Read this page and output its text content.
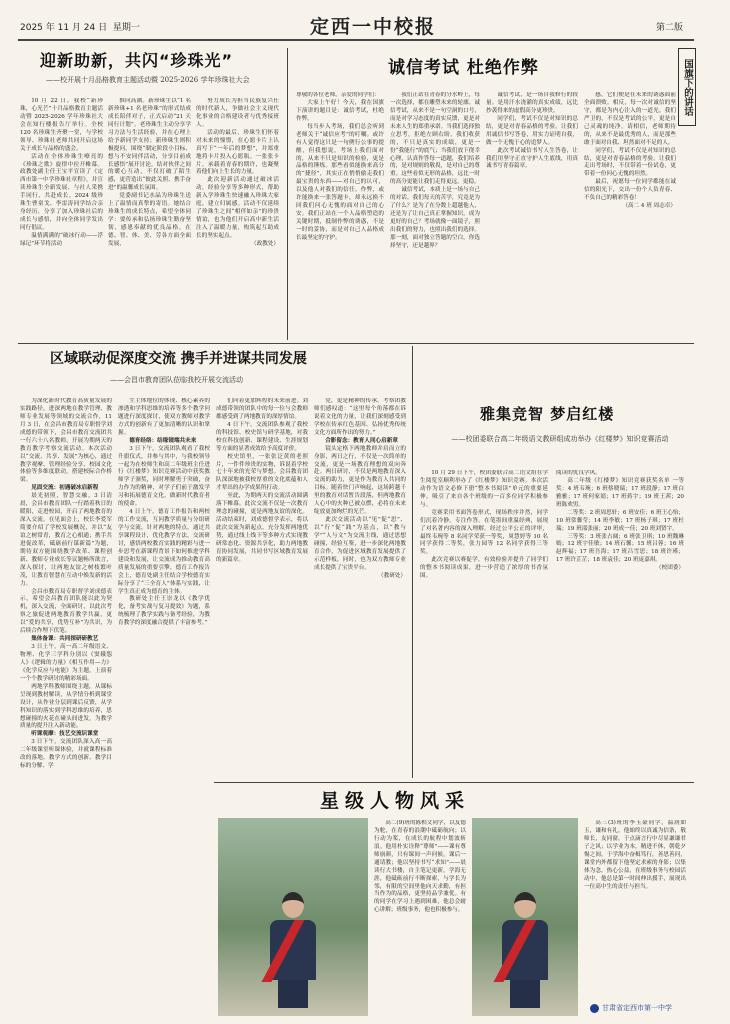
2025 年 11 月 24 日 星期一	定西一中校报	第二版
国旗下的讲话
迎新助新，共闪“珍珠光”
——校开展十月品格教育主题活动暨 2025-2026 学年珍珠社大会

10 月 22 日，我校“新珍珠，心光芒”十月品格教育主题活动暨 2025-2026 学年珍珠社大会在知行楼报告厅举行。全校 120 名珍珠生齐聚一堂，与学校领导、珍珠社老师共同开启这场关于成长与品格的盛会。

活动在全体珍珠生嘹亮的《珍珠之歌》旋律中拉开帷幕。政教处副主任王宝平宣读了《定西市第一中学珍珠社章程》，并宣读珍珠生全新发展、与社人采携手同行，共赴成长。2024 级珍珠生曹童戈、李雷涛同学结合亲身经历，分享了加入珍珠社后的成长与感悟，并向全体同学发出同行倡议。

温情满满的“破冰行动——浮绿记”环节将活动

推向高潮。新珍珠生以“1 名新珍珠+1 名老珍珠”的形式结成成长陪伴对子，正式启动“21 天同行计划”。老珍珠生主动分享学习方法与生活经验，并在心理上给予新同学支持；新珍珠生则积极提问，围绕“制定阶段小目标、想与不安同伴活动，分享目前成长感悟”展开讨论。结对伙伴之间的暖心互动，不仅打破了陌生感，更营造出“彼此关照、携手奋进”的温馨成长氛围。

党委副书记水晶为珍珠生送上了温情而真挚的寄语。她结合珍珠生的成长特点，希望全体同学：要传承和弘扬珍珠生勤奋坚韧、感恩奉献的优良品格，在德、智、体、美、劳各方面全面发展，

努力成长为担当民族复兴任的时代新人，争做社会主义现代化事业的合格建设者与优秀接班人。

活动的最后，珍珠生们怀着对未来的憧憬，在心愿卡片上认真写下“一年后的梦想”，并郑重地将卡片投入心愿瓶。一张张卡片，承载着青春的期许，也凝聚着他们向上生长的力量。

此次迎新活动通过破冰活动，经验分享等多种形式，帮助新入学珍珠生快速融入珍珠大家庭，建立归属感。活动不仅延续了珍珠生之间“相伴如亲”的珍贵情谊，也为他们开启高中新生活注入了温暖力量，构筑起互助成长的坚实起点。

（政教处）

诚信考试 杜绝作弊

尊敬的各位老师，亲爱的同学们：

大家上午好！今天，我在国旗下演讲的题目是：诚信考试，杜绝作弊。

每当步入考场，我们总会听到老师关于“诚信应考”的叮嘱。或许有人觉得这只是一句例行公事的提醒，但我想说，考场上我们面对的，从来不只是知识的检验，更是品格的锤炼。那些看似能换来高分的“捷径”，其实正在悄悄偷走我们最宝贵的东西——对自己的认可，以及他人对我们的信任。作弊，或许能换来一张答题卡，却永远换不回我们问心无愧的面对自己的心安。我们正站在一个人品格塑造的关键时期，抵制作弊的诱惑，不是一时的妥协，而是对自己人品格成长最坚定的守护。

我们正站在青春的分水岭上，每一次选择，都在雕塑未来的轮廓。诚信考试，从来不是一句空洞的口号，而是对学习态度的真实反馈，更是对未来人生的郑重承诺。当我们选择独立思考，拒绝左顾右盼，我们收获的，不只是真实的成绩，更是一份“我能行”的底气；当我们放下侥幸心理，认真作答每一道题，我们培养的，是对规则的敬畏，是对自己的尊重。这些看似无形的品格，远比一时的高分更能让我们走得更远，更稳。

诚信考试，本质上是一场与自己的对话。我们每天的苦学，究竟是为了什么？是为了在分数上超越他人，还是为了让自己真正掌握知识，成为更好的自己？考场就像一面镜子，照出我们的努力，也照出我们的选择。那一刻，面对独立答题的空白，你选择坚守，还是越界？

诚信考试，是一场自我修行的较量。是用汗水浇灌的真实成绩，远比抄袭得来的虚假高分更珍贵。

同学们，考试不仅是对知识的总结，更是对青春品格的考验。让我们用诚信书写答卷，用实力证明自我，做一个无愧于心的追梦人。

此次考试诚信书写人生答卷，让我们用坚守正直守护人生底线，用真诚书写青春篇章。

感，它们便是在未来的诱惑面前全面溃败。相反，每一次对诚信的坚守，都是为内心注入的一道光。我们严卫的，不仅是考试的公平，更是自己灵魂的纯净。请相信，老师期待的，从来不是最优秀的人，而是那些敢于面对自我、坦然面对不足的人。

同学们，考试不仅是对知识的总结，更是对青春品格的考验。让我们走出考场时，不仅带着一份试卷，更带着一份问心无愧的坦然。

最后，祝愿每一位同学都能在诚信的阳光下，交出一份个人负青春、不负自己的精彩答卷！

（高二 4 班 周志卓）

区域联动促深度交流 携手并进谋共同发展
——会昌市教育团队莅临我校开展交流活动

为深化新时代教育高质量发展的实践路径，进深两地在教学管理、教师专业发展等领域的交流合作，11 月 3 日，在会昌市教育局专职督学刘成德的带领下，会昌市教育交流团共一行六十八名教师，开展为期两天的教育教学考察交流活动。本次活动以“交流、共享、发展”为核心，通过教学观摩、管理经验分享、校园文化体验等多维度联动，搭建校际合作桥梁。

见面交流：初遇破冰启新程

晨光初照，智慧交融。3 日清晨，会昌市教育团队一行踏着秋日的暖阳，走进校园，开启了两地教育的深入交流。在见面会上，校长李爱军简要介绍了学校发展概况，并以“友谊之树常青，教育之心相通；携手共进促改革，砥砺前行谋新篇”为题，期待双方能围绕教学改革、课程创新、教师专业成长等议题畅所欲言，深入探讨，让两地友谊之树枝繁叶茂，让教育智慧在互动中焕发新的活力。

会昌市教育局专职督学刘成德表示，希望会昌教育团队能以此为契机，深入交流，全面研讨，以此次考察之旅促进两地教育教学共赢，更以“爱的共享，优势互补”为共识，为后续合作埋下伏笔。

集体备课：共同探研研教艺

3 日上午，高一高二年级语文、物理、化学三学科分别以《窦娥怨人》《逻辑的力量》《相互作用—力》《化学反应与电能》为主题，上演着一个个教学研讨的精彩场面。

两地学科教师围绕主题，从课标呈现到教材解读，从学情分析到课堂设计，从作业分层到课后反馈，从学科知识的落实到学科思维的培养，思想碰撞的火花在碰头间进发，为教学质量的提升注入新动能。

听课观摩：技艺交流识课堂

3 日下午，交流团队深入高一高二年级课堂听课体验，并就课程标准改的落地、教学方式的创新、教学目标的分解、学

生主体地位的体现、核心素养的渗透和学科思维的培养等多个教学问题进行深度探讨，使双方教师对教学方式的创新有了更加清晰的认识和掌握。

德育经络：结缘镜端共未来

3 日下午，交流团队观看了我校升旗仪式，并参与其中，与我校领导一起为在校师生和高二年级班主任进行《红楼梦》知识竞赛活动中获奖教师学子颁奖，同时理解勇于突破，奋力作为的精神，对学子们前于激发学习和拓展德育文化，做新时代教育者的使命。

4 日上午，德育工作报告和两校的工作交流，互问教学质量与分组研学与交流，针对两地的特点，通过共享课程设计，优化教学方法，交流研讨，感悟两校教育实践的精彩与进一步思考在新课程背景下如何推进学科建设和发展，让交流成为推动教育高质量发展的重要引擎。德育工作报告会上，德育处副主任结合学校德育实际分享了“三全育人”体系与实践，让学生真正成为德育的主体。

教研处主任王崇龙以《教学优化，备考实战与复习提效》为题，系统梳理了教学实践与备考经验，为教育教学的深度融合提供了丰富参考。”

们向着更加辉煌的未来前进。刘成德带领的团队中的每一位与会教师都感受到了两地教育的深厚情谊。

4 日下午，交流团队参观了我校的科技馆、校史馆与研学基地，对我校在科技创新、课程建设、生涯规划等方面的显著成效给予高度评价。

校史馆里，一张张泛黄的老照片，一件件珍贵的实物，诉说着学校七十年来的光荣与梦想。会昌教育团队深深地被我校厚重的文化底蕴和人才辈出的办学成果所打动。

至此，为期两天的交流活动圆满落下帷幕。此次交流不仅是一次教育理念的碰撞，更是两地友谊的深化。活动结束时，刘成德督学表示，将以此次交流为新起点，充分发挥两地优势，通过线上线下等多种方式实现教研常态化、资源共享化，助力两地教育协同发展，共同书写区域教育发展的新篇章。

党，更是精神的传承。考察团教师们感叹道：“这里每个角落都在诉说着文化的力量，让我们深刻感受到学校在传承红色基因、弘扬优秀传统文化方面所作出的努力。”

合影留念：教育人同心启新章

镜头定格下两地教师并肩而立的身影，两日之行，不仅是一次简单的交流，更是一场教育理想的双向奔赴。两日研讨，不仅是两地教育深入交流的助力，更是作为教育人共同的目标。随着快门声响起，这场跨越千里的教育对话暂告段落，但两地教育人心中的火种已被点燃，必将在未来绽放更加绚烂的光芒。

此次交流活动以“见”促“思”、以“行”促“践”为基点，以“教与学”“人与文”为交流主线，通过思想碰撞，经验互鉴，进一步深化两地教育合作，为促进区域教育发展提供了示范样板。同时，也为双方教师专业成长提供了宝贵平台。

（教研处）

雅集竞智 梦启红楼
——校团委联合高二年级语文教研组成功举办《红楼梦》知识竞赛活动

10 月 29 日下午，校团委联合高二语文组在学生阅览室顺利举办了《红楼梦》知识竞赛。本次活动作为语文必修下册“整本书阅读”单元的重要延伸，吸引了来自各个班级的一百多位同学积极参与。

竞赛采用书面答卷形式，现场秩序井然，同学们沉着冷静，专注作答。在笔墨间重温经典，展现了对名著内容的深入理解。经过公平公正的评审，最终韦琬等 8 名同学荣获一等奖，周慧婷等 10 名同学获得二等奖，张力园等 12 名同学获得三等奖。

此次竞赛以赛促学，有效检验并提升了同学们的整本书阅读成果，进一步营造了浓厚的书香氛围。

阅读的优良学风。

高二年级《红楼梦》知识竞赛获奖名单 一等奖：4 班韦琬；6 班蔡晓瑞；17 班段静；17 班白雅雅；17 班何家婧；17 班蒋宇；19 班王茜；20 班陈欢男。

二等奖：2 班周思轩；6 班安佳；6 班王心怡；10 班常馨莹；14 班李敏；17 班杨子琪；17 班杜瑞；19 班邵张丽；20 班成一佳；20 班刘贤宇。

三等奖：3 班张占阔；6 班张卫琪；10 班魏琳嫣；12 班宇佳敏；14 班石馨；15 班吕蓉；16 班赵辉福；17 班吾海；17 班吕雪思；18 班许瑾；17 班许芷芷；18 班袁佳；20 班庞嘉琪。

（校团委）

星级人物风采

高二(9)班的陈相文同学，以友德为舵，在青春的浪潮中砥砺航向；以行动为桨，在成长的航程中划波斩浪。他用朴实诠释“尊师”——课有尊师崩颜，只有课间一声问候，课后一通请教；他以坚持书写“求知”——晨读行大书楼，自主笔记更新，学海无涯，他砥砺前行不断探索，与学长为邻，有限的空间里他向天求勤，有担当作为的品格，更坚持品学兼优。有的同学在学习上遇到困难，他总会耐心讲解；班级事务，他也积极参与。

高三(3)班的李玉豪同学，温润如玉，谦和有礼。他始终以真诚为信条，敬师长，友同窗，于点滴言行中尽显谦谦君子之风；以学业为本，精进不休，朝乾夕惕之间，于学海中奋楫笃行，善思善问，课堂内外都留下他坚定求索的身影；以集体为念，热心公益，在班级事务与校园活动中，他总是第一时间伸出援手，展现出一位高中生的责任与担当。

甘肃省定西市第一中学
